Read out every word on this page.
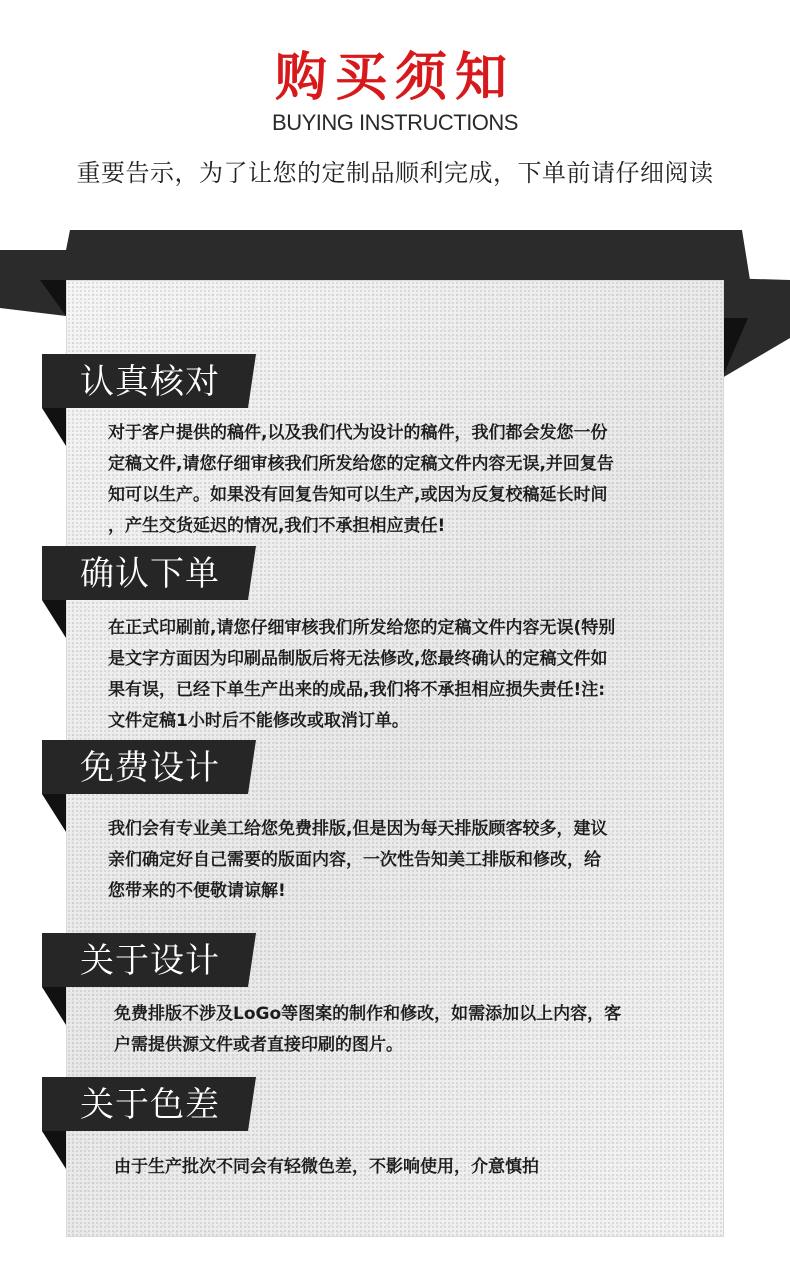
购买须知
BUYING INSTRUCTIONS
重要告示，为了让您的定制品顺利完成，下单前请仔细阅读
认真核对

对于客户提供的稿件,以及我们代为设计的稿件，我们都会发您一份

定稿文件,请您仔细审核我们所发给您的定稿文件内容无误,并回复告

知可以生产。如果没有回复告知可以生产,或因为反复校稿延长时间

，产生交货延迟的情况,我们不承担相应责任!

确认下单

在正式印刷前,请您仔细审核我们所发给您的定稿文件内容无误(特别

是文字方面因为印刷品制版后将无法修改,您最终确认的定稿文件如

果有误，已经下单生产出来的成品,我们将不承担相应损失责任!注:

文件定稿1小时后不能修改或取消订单。

免费设计

我们会有专业美工给您免费排版,但是因为每天排版顾客较多，建议

亲们确定好自己需要的版面内容，一次性告知美工排版和修改，给

您带来的不便敬请谅解!

关于设计

免费排版不涉及LoGo等图案的制作和修改，如需添加以上内容，客

户需提供源文件或者直接印刷的图片。

关于色差

由于生产批次不同会有轻微色差，不影响使用，介意慎拍
